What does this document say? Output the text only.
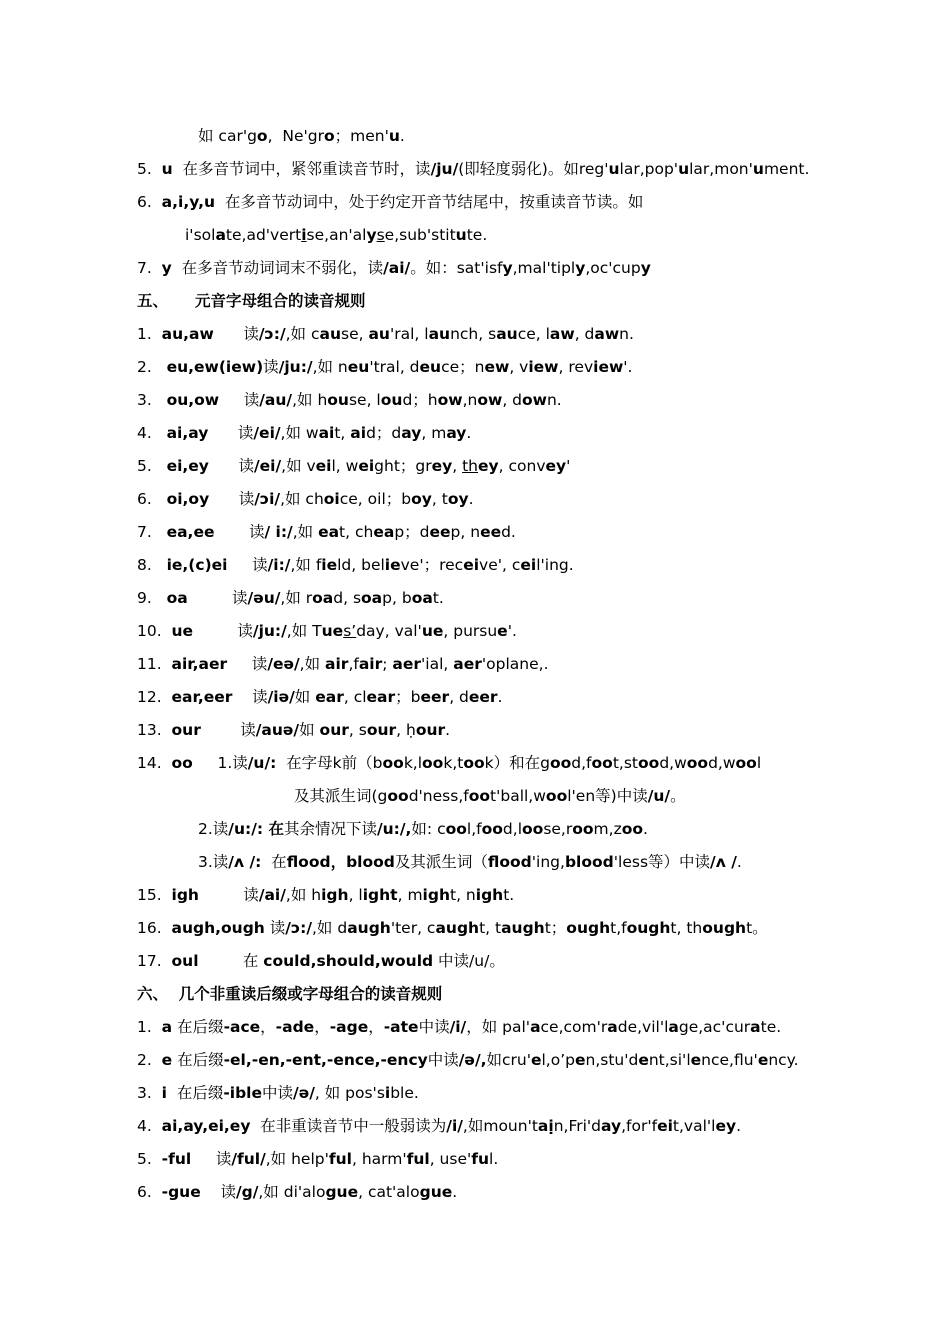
如 car'go,  Ne'gro；men'u.
5.  u  在多音节词中，紧邻重读音节时，读/ju/(即轻度弱化)。如reg'ular,pop'ular,mon'ument.
6.  a,i,y,u  在多音节动词中，处于约定开音节结尾中，按重读音节读。如
i'solate,ad'vertise,an'alyse,sub'stitute.
7.  y  在多音节动词词末不弱化，读/ai/。如：sat'isfy,mal'tiply,oc'cupy
五、     元音字母组合的读音规则
1.  au,aw      读/ɔ:/,如 cause, au'ral, launch, sauce, law, dawn.
2.   eu,ew(iew)读/ju:/,如 neu'tral, deuce；new, view, review'.
3.   ou,ow     读/au/,如 house, loud；how,now, down.
4.   ai,ay      读/ei/,如 wait, aid；day, may.
5.   ei,ey      读/ei/,如 veil, weight；grey, they, convey'
6.   oi,oy      读/ɔi/,如 choice, oil；boy, toy.
7.   ea,ee       读/ i:/,如 eat, cheap；deep, need.
8.   ie,(c)ei     读/i:/,如 field, believe'；receive', ceil'ing.
9.   oa         读/əu/,如 road, soap, boat.
10.  ue         读/ju:/,如 Tues’day, val'ue, pursue'.
11.  air,aer     读/eə/,如 air,fair; aer'ial, aer'oplane,.
12.  ear,eer    读/iə/如 ear, clear；beer, deer.
13.  our        读/auə/如 our, sour, ḥour.
14.  oo     1.读/u/:  在字母k前（book,look,took）和在good,foot,stood,wood,wool
及其派生词(good'ness,foot'ball,wool'en等)中读/u/。
2.读/u:/: 在其余情况下读/u:/,如: cool,food,loose,room,zoo.
3.读/ʌ /:  在flood，blood及其派生词（flood'ing,blood'less等）中读/ʌ /.
15.  igh         读/ai/,如 high, light, might, night.
16.  augh,ough 读/ɔ:/,如 daugh'ter, caught, taught；ought,fought, thought。
17.  oul         在 could,should,would 中读/u/。
六、  几个非重读后缀或字母组合的读音规则
1.  a 在后缀-ace，-ade，-age，-ate中读/i/，如 pal'ace,com'rade,vil'lage,ac'curate.
2.  e 在后缀-el,-en,-ent,-ence,-ency中读/ə/,如cru'el,o’pen,stu'dent,si'lence,flu'ency.
3.  i  在后缀-ible中读/ə/, 如 pos'sible.
4.  ai,ay,ei,ey  在非重读音节中一般弱读为/i/,如moun'taịn,Fri'day,for'feit,val'ley.
5.  -ful     读/ful/,如 help'ful, harm'ful, use'ful.
6.  -gue    读/g/,如 di'alogue, cat'alogue.
